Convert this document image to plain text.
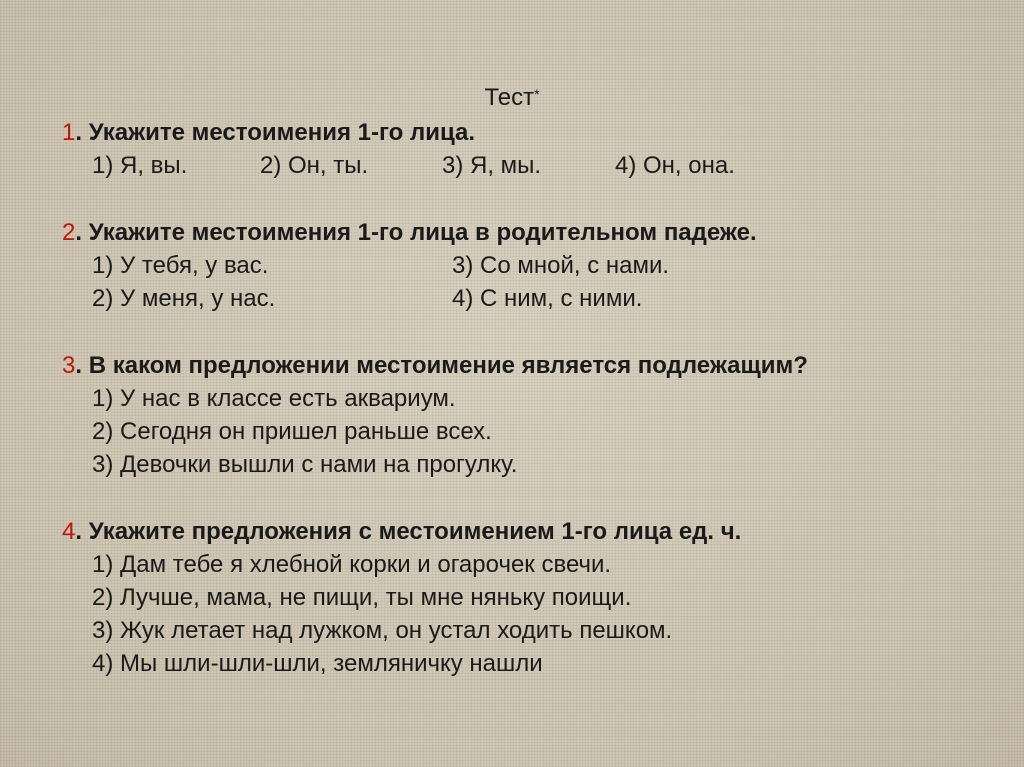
Тест*
1. Укажите местоимения 1-го лица.
1) Я, вы.	2) Он, ты.	3) Я, мы.	4) Он, она.
2. Укажите местоимения 1-го лица в родительном падеже.
1) У тебя, у вас.	3) Со мной, с нами.
2) У меня, у нас.	4) С ним, с ними.
3. В каком предложении местоимение является подлежащим?
1) У нас в классе есть аквариум.
2) Сегодня он пришел раньше всех.
3) Девочки вышли с нами на прогулку.
4. Укажите предложения с местоимением 1-го лица ед. ч.
1) Дам тебе я хлебной корки и огарочек свечи.
2) Лучше, мама, не пищи, ты мне няньку поищи.
3) Жук летает над лужком, он устал ходить пешком.
4) Мы шли-шли-шли, земляничку нашли
